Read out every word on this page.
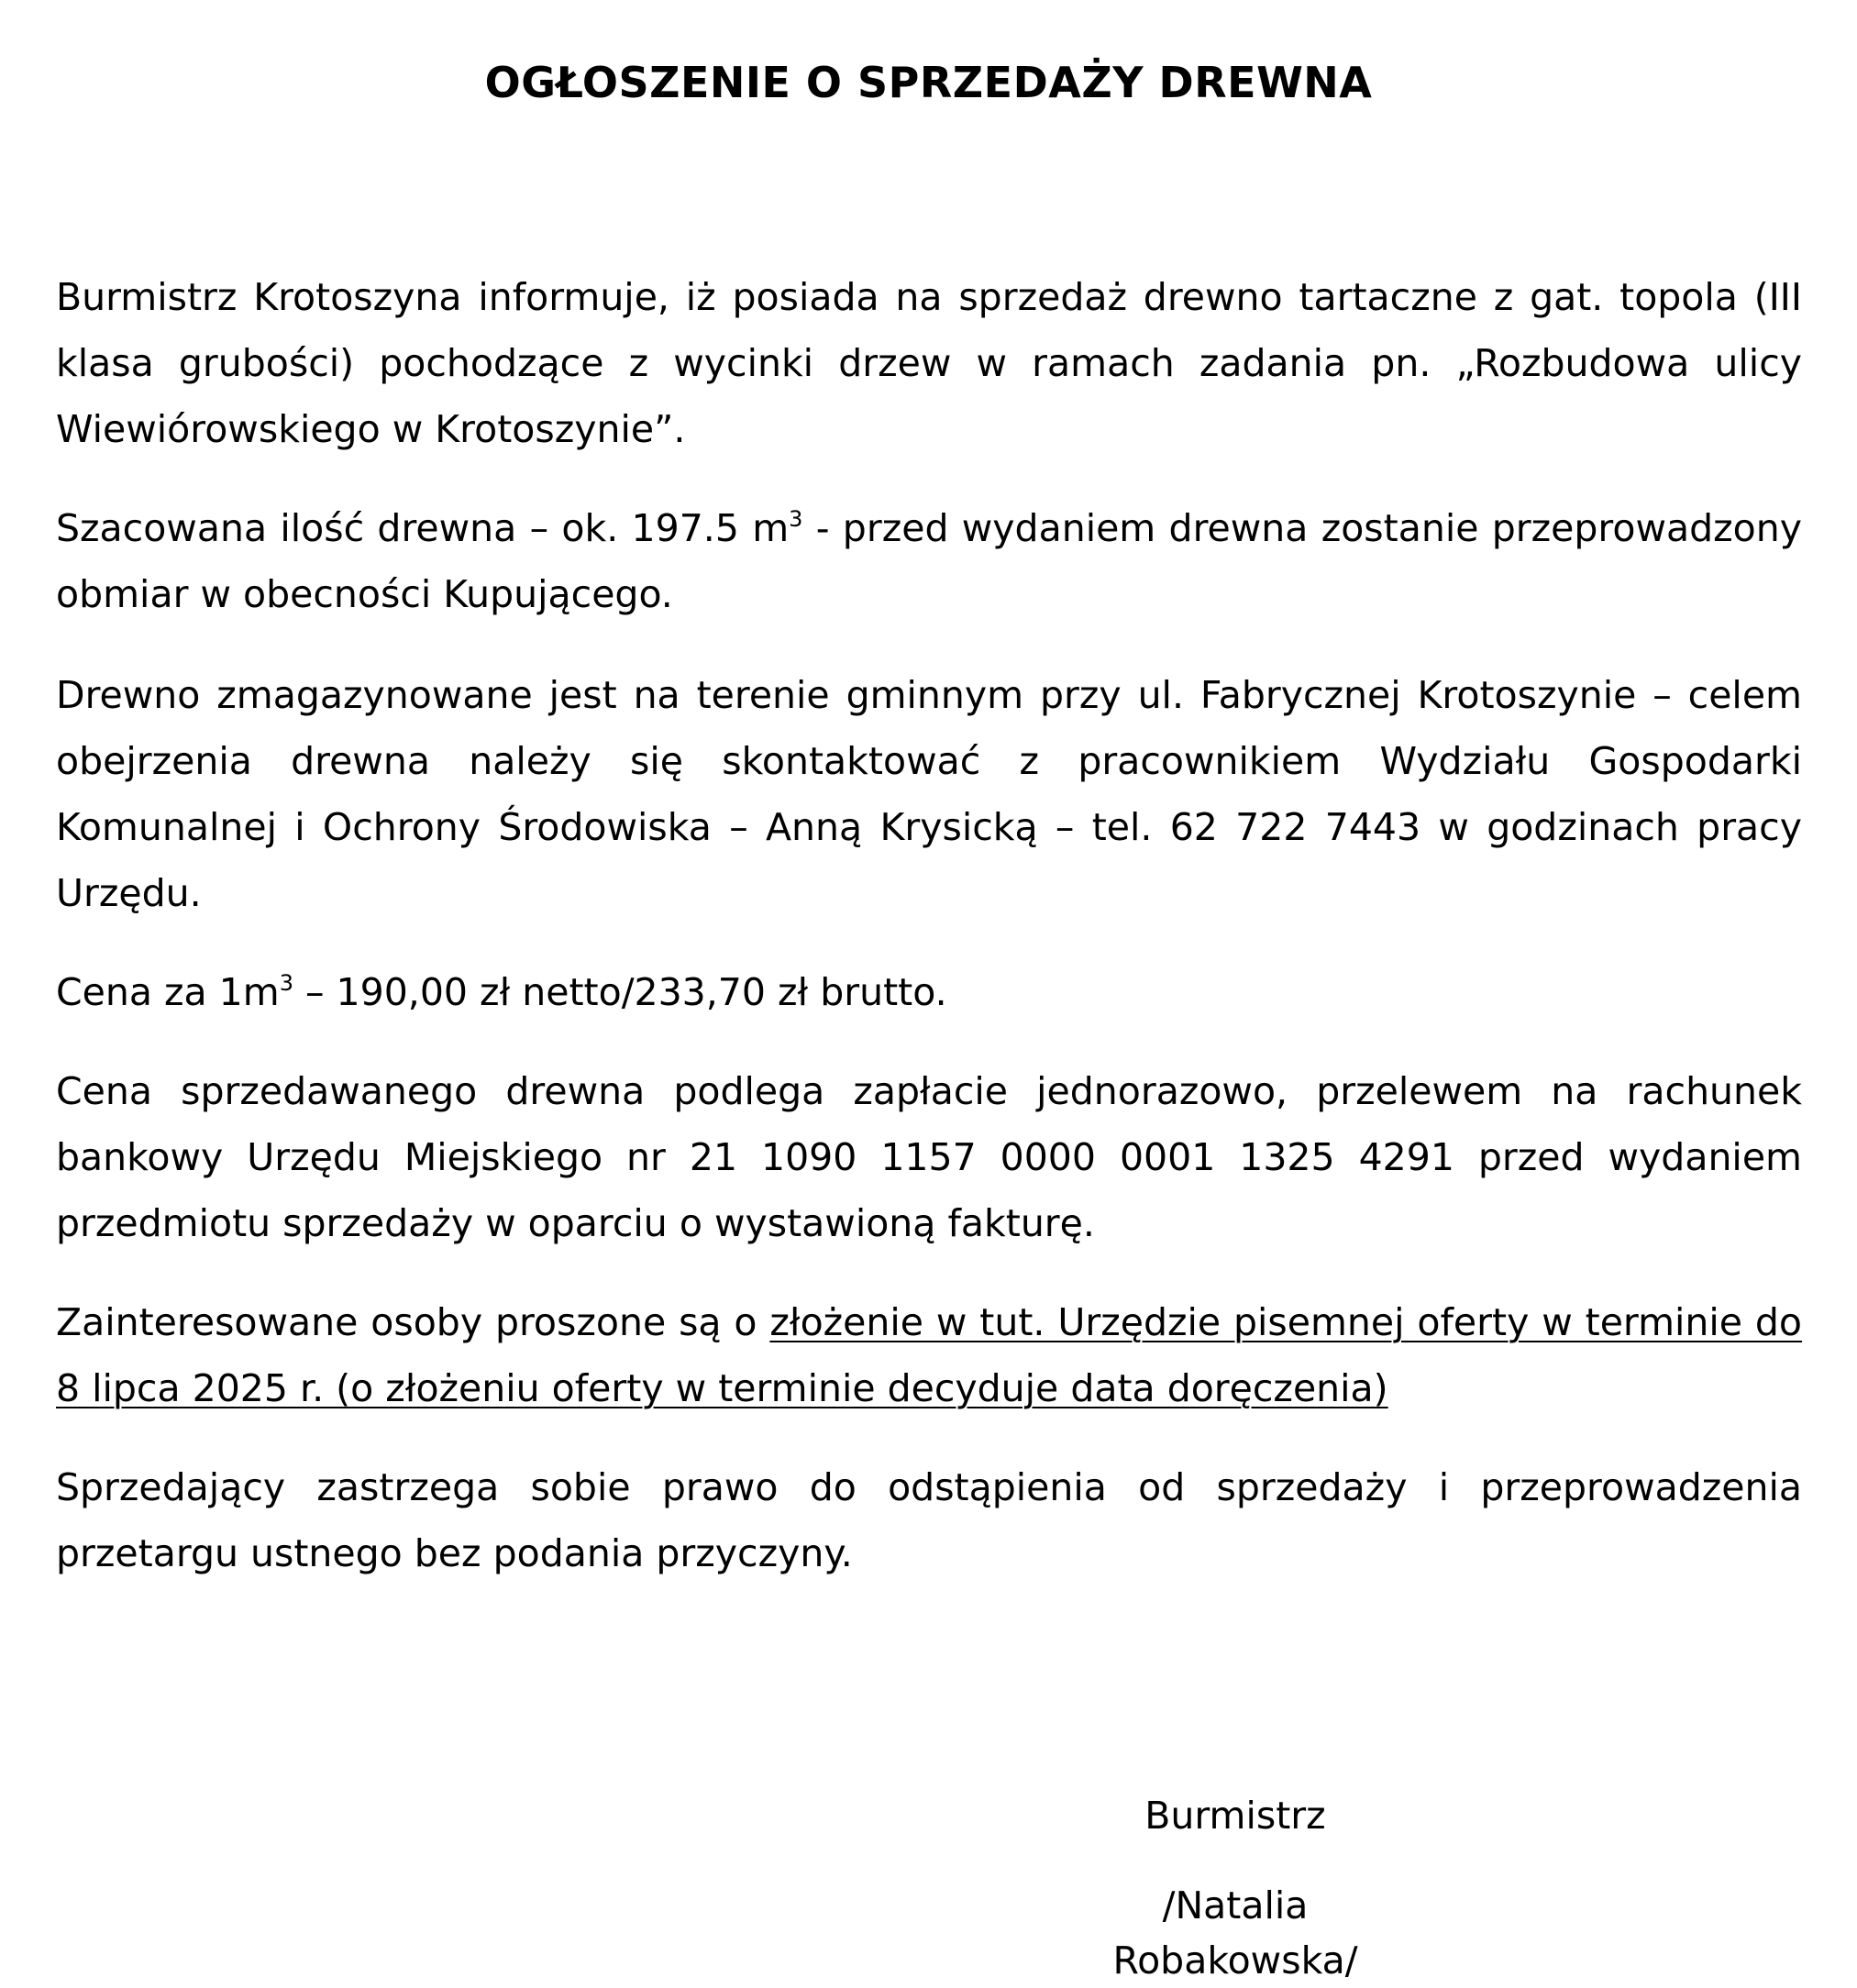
OGŁOSZENIE O SPRZEDAŻY DREWNA

Burmistrz Krotoszyna informuje, iż posiada na sprzedaż drewno tartaczne z gat. topola (III klasa grubości) pochodzące z wycinki drzew w ramach zadania pn. „Rozbudowa ulicy Wiewiórowskiego w Krotoszynie”.

Szacowana ilość drewna – ok. 197.5 $m^3$ - przed wydaniem drewna zostanie przeprowadzony obmiar w obecności Kupującego.

Drewno zmagazynowane jest na terenie gminnym przy ul. Fabrycznej Krotoszynie – celem obejrzenia drewna należy się skontaktować z pracownikiem Wydziału Gospodarki Komunalnej i Ochrony Środowiska – Anną Krysicką – tel. 62 722 7443 w godzinach pracy Urzędu.

Cena za $1m^3 - 190,00$ zł netto/233,70 zł brutto.

Cena sprzedawanego drewna podlega zapłacie jednorazowo, przelewem na rachunek bankowy Urzędu Miejskiego nr 21 1090 1157 0000 0001 1325 4291 przed wydaniem przedmiotu sprzedaży w oparciu o wystawioną fakturę.

Zainteresowane osoby proszone są o złożenie w tut. Urzędzie pisemnej oferty w terminie do 8 lipca 2025 r. (o złożeniu oferty w terminie decyduje data doręczenia)

Sprzedający zastrzega sobie prawo do odstąpienia od sprzedaży i przeprowadzenia przetargu ustnego bez podania przyczyny.

Burmistrz
/Natalia Robakowska/
